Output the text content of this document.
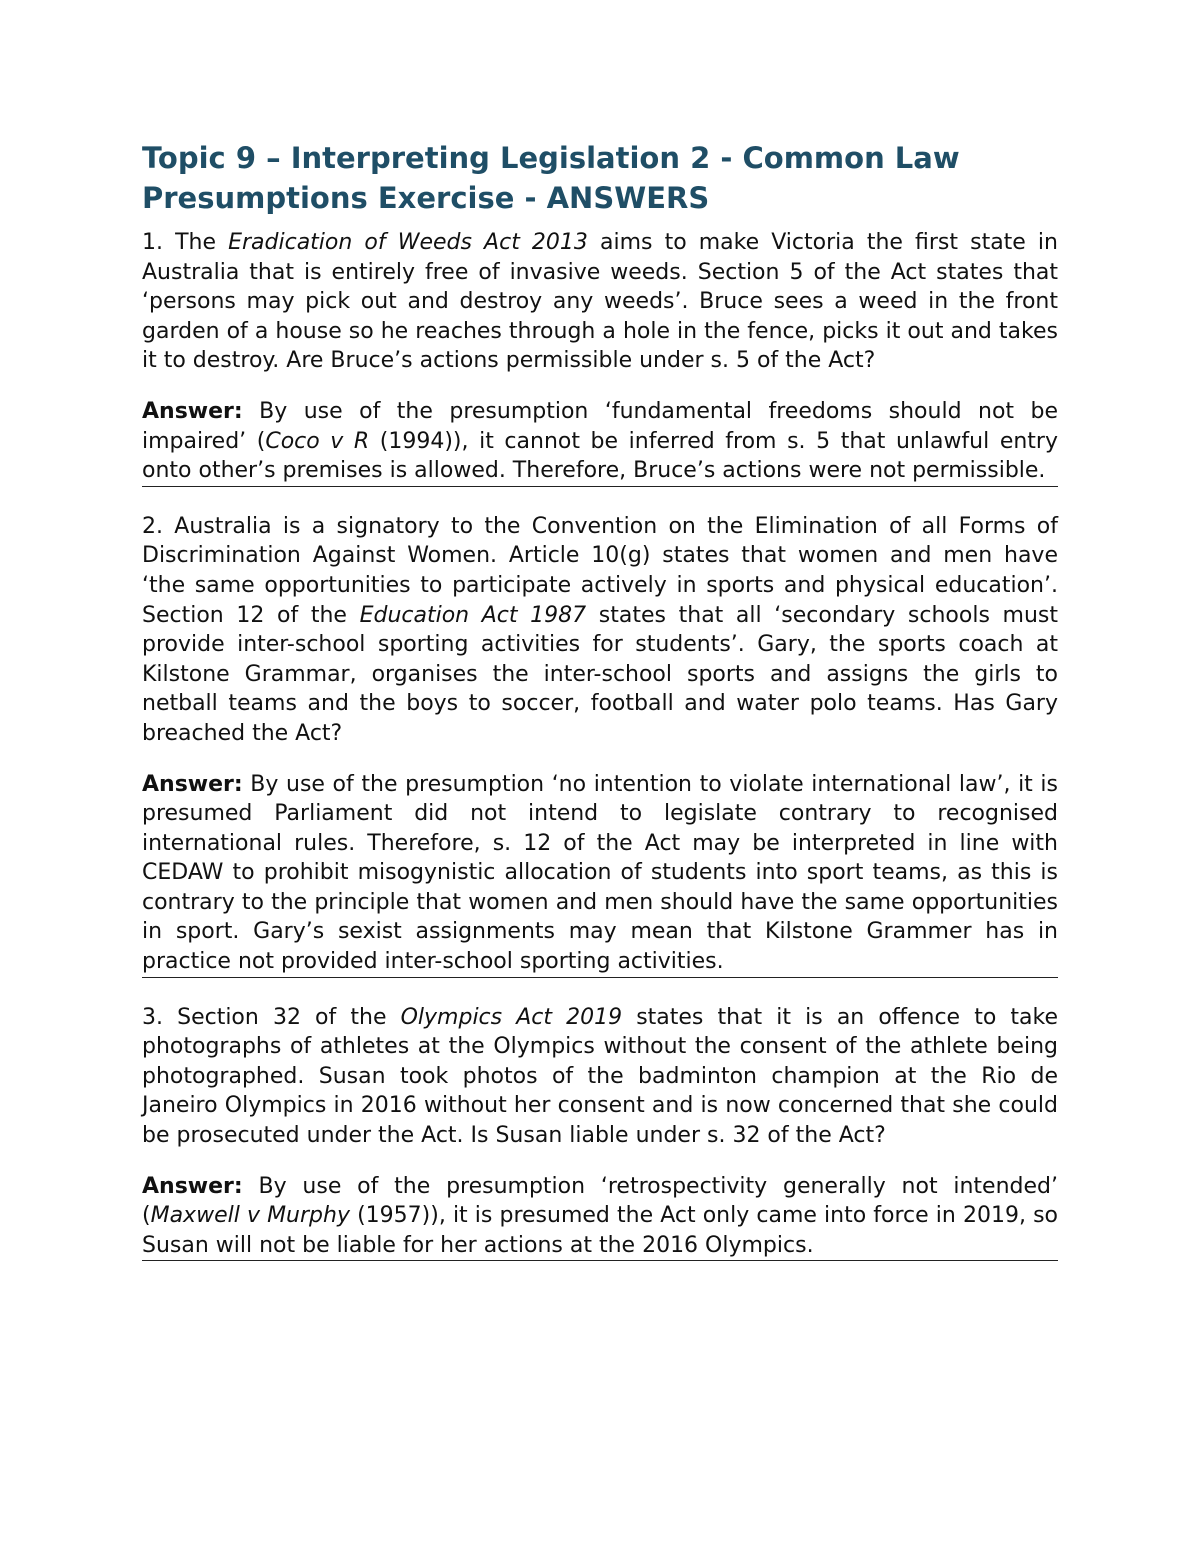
Topic 9 – Interpreting Legislation 2 - Common Law Presumptions Exercise - ANSWERS

1. The Eradication of Weeds Act 2013 aims to make Victoria the first state in Australia that is entirely free of invasive weeds. Section 5 of the Act states that ‘persons may pick out and destroy any weeds’. Bruce sees a weed in the front garden of a house so he reaches through a hole in the fence, picks it out and takes it to destroy. Are Bruce’s actions permissible under s. 5 of the Act?

Answer: By use of the presumption ‘fundamental freedoms should not be impaired’ (Coco v R (1994)), it cannot be inferred from s. 5 that unlawful entry onto other’s premises is allowed. Therefore, Bruce’s actions were not permissible.

2. Australia is a signatory to the Convention on the Elimination of all Forms of Discrimination Against Women. Article 10(g) states that women and men have ‘the same opportunities to participate actively in sports and physical education’. Section 12 of the Education Act 1987 states that all ‘secondary schools must provide inter-school sporting activities for students’. Gary, the sports coach at Kilstone Grammar, organises the inter-school sports and assigns the girls to netball teams and the boys to soccer, football and water polo teams. Has Gary breached the Act?

Answer: By use of the presumption ‘no intention to violate international law’, it is presumed Parliament did not intend to legislate contrary to recognised international rules. Therefore, s. 12 of the Act may be interpreted in line with CEDAW to prohibit misogynistic allocation of students into sport teams, as this is contrary to the principle that women and men should have the same opportunities in sport. Gary’s sexist assignments may mean that Kilstone Grammer has in practice not provided inter-school sporting activities.

3. Section 32 of the Olympics Act 2019 states that it is an offence to take photographs of athletes at the Olympics without the consent of the athlete being photographed. Susan took photos of the badminton champion at the Rio de Janeiro Olympics in 2016 without her consent and is now concerned that she could be prosecuted under the Act. Is Susan liable under s. 32 of the Act?

Answer: By use of the presumption ‘retrospectivity generally not intended’ (Maxwell v Murphy (1957)), it is presumed the Act only came into force in 2019, so Susan will not be liable for her actions at the 2016 Olympics.
